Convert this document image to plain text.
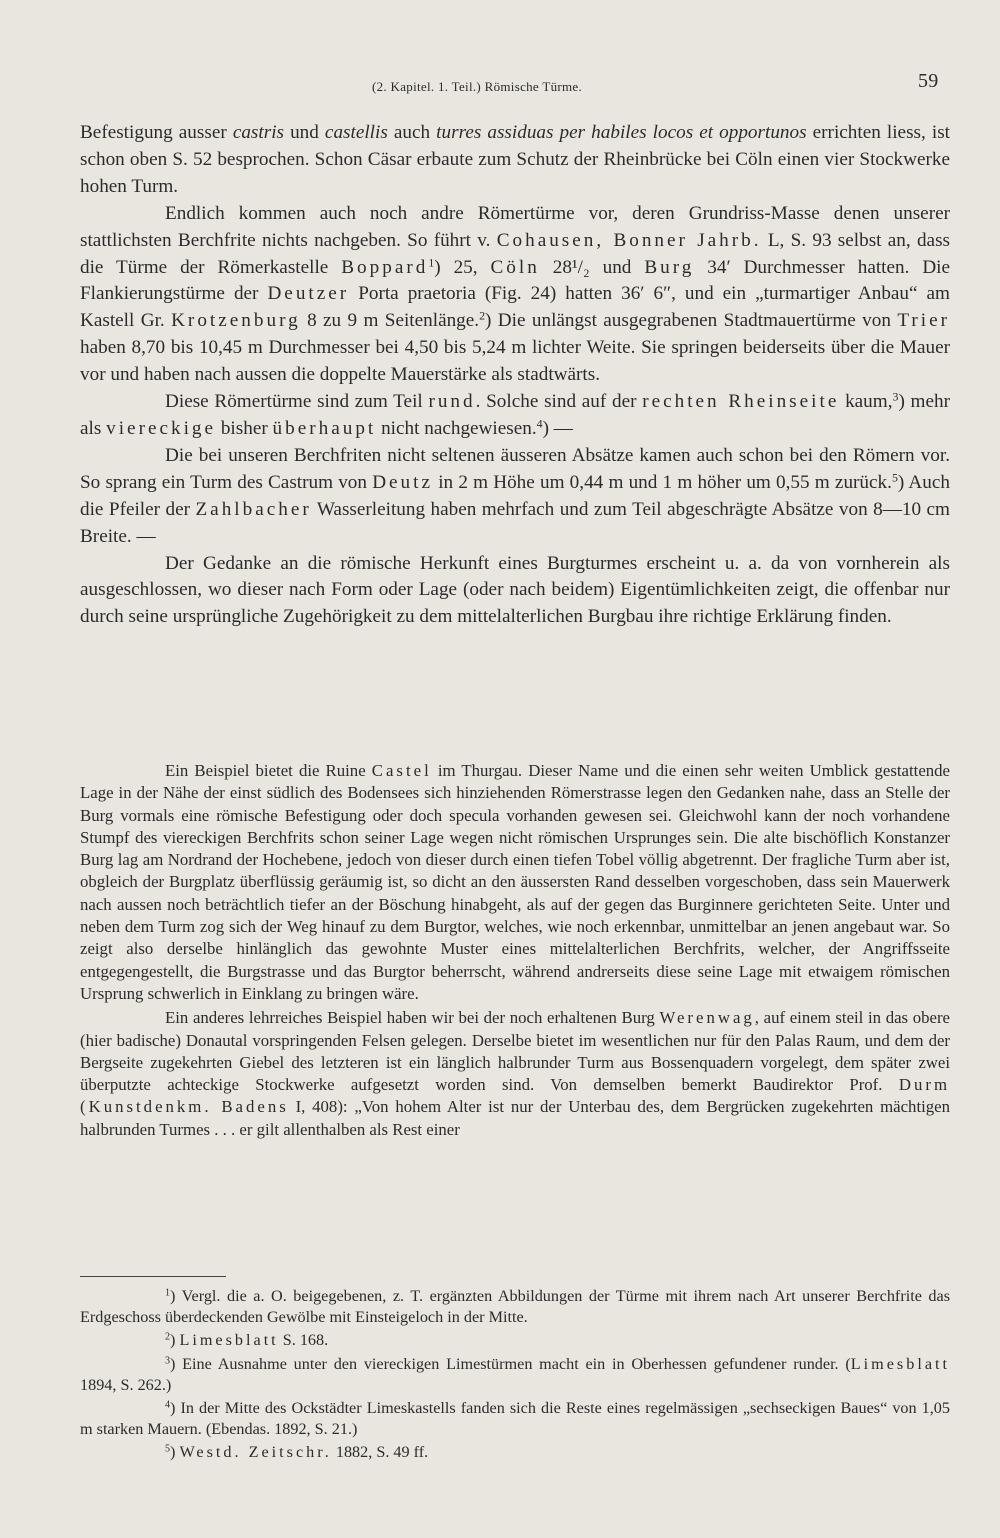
(2. Kapitel. 1. Teil.) Römische Türme.	59

Befestigung ausser castris und castellis auch turres assiduas per habiles locos et opportunos errichten liess, ist schon oben S. 52 besprochen. Schon Cäsar erbaute zum Schutz der Rheinbrücke bei Cöln einen vier Stockwerke hohen Turm.

Endlich kommen auch noch andre Römertürme vor, deren Grundriss-Masse denen unserer stattlichsten Berchfrite nichts nachgeben. So führt v. Cohausen, Bonner Jahrb. L, S. 93 selbst an, dass die Türme der Römerkastelle Boppard$^1$) 25, Cöln 28¹/₂ und Burg 34′ Durchmesser hatten. Die Flankierungstürme der Deutzer Porta praetoria (Fig. 24) hatten 36′ 6″, und ein „turmartiger Anbau“ am Kastell Gr. Krotzenburg 8 zu 9 m Seitenlänge.$^2$) Die unlängst ausgegrabenen Stadtmauertürme von Trier haben 8,70 bis 10,45 m Durchmesser bei 4,50 bis 5,24 m lichter Weite. Sie springen beiderseits über die Mauer vor und haben nach aussen die doppelte Mauerstärke als stadtwärts.

Diese Römertürme sind zum Teil rund. Solche sind auf der rechten Rheinseite kaum,$^3$) mehr als viereckige bisher überhaupt nicht nachgewiesen.$^4$) —

Die bei unseren Berchfriten nicht seltenen äusseren Absätze kamen auch schon bei den Römern vor. So sprang ein Turm des Castrum von Deutz in 2 m Höhe um 0,44 m und 1 m höher um 0,55 m zurück.$^5$) Auch die Pfeiler der Zahlbacher Wasserleitung haben mehrfach und zum Teil abgeschrägte Absätze von 8—10 cm Breite. —

Der Gedanke an die römische Herkunft eines Burgturmes erscheint u. a. da von vornherein als ausgeschlossen, wo dieser nach Form oder Lage (oder nach beidem) Eigentümlichkeiten zeigt, die offenbar nur durch seine ursprüngliche Zugehörigkeit zu dem mittelalterlichen Burgbau ihre richtige Erklärung finden.

Ein Beispiel bietet die Ruine Castel im Thurgau. Dieser Name und die einen sehr weiten Umblick gestattende Lage in der Nähe der einst südlich des Bodensees sich hinziehenden Römerstrasse legen den Gedanken nahe, dass an Stelle der Burg vormals eine römische Befestigung oder doch specula vorhanden gewesen sei. Gleichwohl kann der noch vorhandene Stumpf des viereckigen Berchfrits schon seiner Lage wegen nicht römischen Ursprunges sein. Die alte bischöflich Konstanzer Burg lag am Nordrand der Hochebene, jedoch von dieser durch einen tiefen Tobel völlig abgetrennt. Der fragliche Turm aber ist, obgleich der Burgplatz überflüssig geräumig ist, so dicht an den äussersten Rand desselben vorgeschoben, dass sein Mauerwerk nach aussen noch beträchtlich tiefer an der Böschung hinabgeht, als auf der gegen das Burginnere gerichteten Seite. Unter und neben dem Turm zog sich der Weg hinauf zu dem Burgtor, welches, wie noch erkennbar, unmittelbar an jenen angebaut war. So zeigt also derselbe hinlänglich das gewohnte Muster eines mittelalterlichen Berchfrits, welcher, der Angriffsseite entgegengestellt, die Burgstrasse und das Burgtor beherrscht, während andrerseits diese seine Lage mit etwaigem römischen Ursprung schwerlich in Einklang zu bringen wäre.

Ein anderes lehrreiches Beispiel haben wir bei der noch erhaltenen Burg Werenwag, auf einem steil in das obere (hier badische) Donautal vorspringenden Felsen gelegen. Derselbe bietet im wesentlichen nur für den Palas Raum, und dem der Bergseite zugekehrten Giebel des letzteren ist ein länglich halbrunder Turm aus Bossenquadern vorgelegt, dem später zwei überputzte achteckige Stockwerke aufgesetzt worden sind. Von demselben bemerkt Baudirektor Prof. Durm (Kunstdenkm. Badens I, 408): „Von hohem Alter ist nur der Unterbau des, dem Bergrücken zugekehrten mächtigen halbrunden Turmes . . . er gilt allenthalben als Rest einer

$^1$) Vergl. die a. O. beigegebenen, z. T. ergänzten Abbildungen der Türme mit ihrem nach Art unserer Berchfrite das Erdgeschoss überdeckenden Gewölbe mit Einsteigeloch in der Mitte.

$^2$) Limesblatt S. 168.

$^3$) Eine Ausnahme unter den viereckigen Limestürmen macht ein in Oberhessen gefundener runder. (Limesblatt 1894, S. 262.)

$^4$) In der Mitte des Ockstädter Limeskastells fanden sich die Reste eines regelmässigen „sechseckigen Baues“ von 1,05 m starken Mauern. (Ebendas. 1892, S. 21.)

$^5$) Westd. Zeitschr. 1882, S. 49 ff.
